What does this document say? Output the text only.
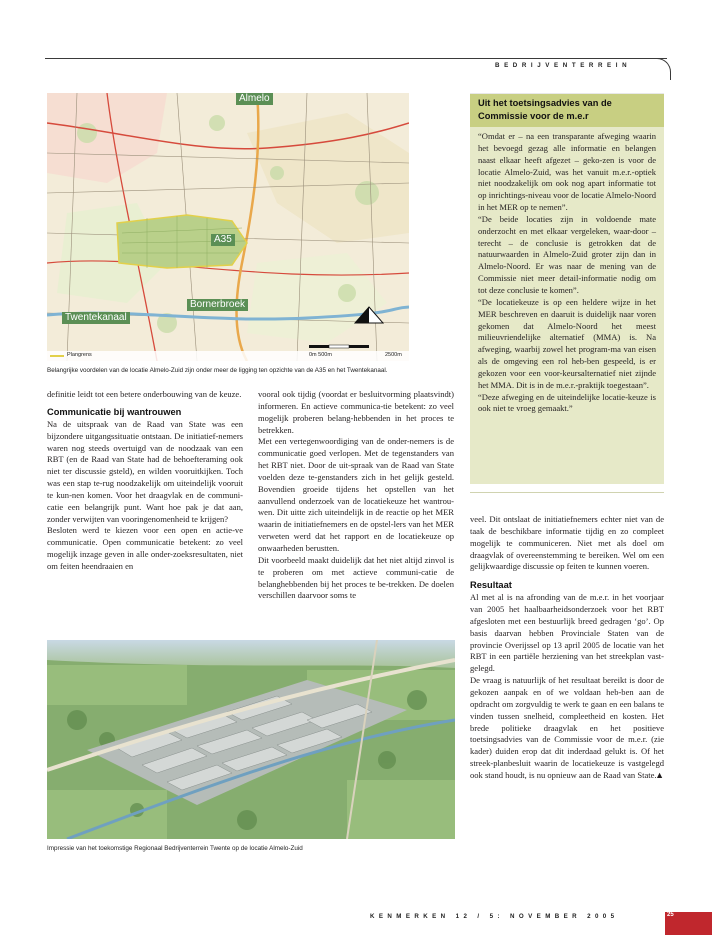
BEDRIJVENTERREIN
Almelo
A35
Bornerbroek
Twentekanaal
Plangrens	0m 500m	2500m
Belangrijke voordelen van de locatie Almelo-Zuid zijn onder meer de ligging ten opzichte van de A35 en het Twentekanaal.

definitie leidt tot een betere onderbouwing van de keuze.

Communicatie bij wantrouwen

Na de uitspraak van de Raad van State was een bijzondere uitgangssituatie ontstaan. De initiatief-nemers waren nog steeds overtuigd van de noodzaak van een RBT (en de Raad van State had de behoefteraming ook niet ter discussie gsteld), en wilden vooruitkijken. Toch was een stap te-rug noodzakelijk om uiteindelijk vooruit te kun-nen komen. Voor het draagvlak en de communi-catie een belangrijk punt. Want hoe pak je dat aan, zonder verwijten van vooringenomenheid te krijgen?

Besloten werd te kiezen voor een open en actie-ve communicatie. Open communicatie betekent: zo veel mogelijk inzage geven in alle onder-zoeksresultaten, niet om feiten heendraaien en

vooral ook tijdig (voordat er besluitvorming plaatsvindt) informeren. En actieve communica-tie betekent: zo veel mogelijk proberen belang-hebbenden in het proces te betrekken.

Met een vertegenwoordiging van de onder-nemers is de communicatie goed verlopen. Met de tegenstanders van het RBT niet. Door de uit-spraak van de Raad van State voelden deze te-genstanders zich in het gelijk gesteld. Bovendien groeide tijdens het opstellen van het aanvullend onderzoek van de locatiekeuze het wantrou-wen. Dit uitte zich uiteindelijk in de reactie op het MER waarin de initiatiefnemers en de opstel-lers van het MER verweten werd dat het rapport en de locatiekeuze op onwaarheden berustten.

Dit voorbeeld maakt duidelijk dat het niet altijd zinvol is te proberen om met actieve communi-catie de belanghebbenden bij het proces te be-trekken. De doelen verschillen daarvoor soms te

Uit het toetsingsadvies van de Commissie voor de m.e.r

“Omdat er – na een transparante afweging waarin het bevoegd gezag alle informatie en belangen naast elkaar heeft afgezet – geko-zen is voor de locatie Almelo-Zuid, was het vanuit m.e.r.-optiek niet noodzakelijk om ook nog apart informatie tot op inrichtings-niveau voor de locatie Almelo-Noord in het MER op te nemen”.

“De beide locaties zijn in voldoende mate onderzocht en met elkaar vergeleken, waar-door – terecht – de conclusie is getrokken dat de natuurwaarden in Almelo-Zuid groter zijn dan in Almelo-Noord. Er was naar de mening van de Commissie niet meer detail-informatie nodig om tot deze conclusie te komen”.

“De locatiekeuze is op een heldere wijze in het MER beschreven en daaruit is duidelijk naar voren gekomen dat Almelo-Noord het meest milieuvriendelijke alternatief (MMA) is. Na afweging, waarbij zowel het program-ma van eisen als de omgeving een rol heb-ben gespeeld, is er gekozen voor een voor-keursalternatief niet zijnde het MMA. Dit is in de m.e.r.-praktijk toegestaan”.

“Deze afweging en de uiteindelijke locatie-keuze is ook niet te vroeg gemaakt.”

veel. Dit ontslaat de initiatiefnemers echter niet van de taak de beschikbare informatie tijdig en zo compleet mogelijk te communiceren. Niet met als doel om draagvlak of overeenstemming te bereiken. Wel om een gelijkwaardige discussie op feiten te kunnen voeren.

Resultaat

Al met al is na afronding van de m.e.r. in het voorjaar van 2005 het haalbaarheidsonderzoek voor het RBT afgesloten met een bestuurlijk breed gedragen ‘go’. Op basis daarvan hebben Provinciale Staten van de provincie Overijssel op 13 april 2005 de locatie van het RBT in een partiële herziening van het streekplan vast-gelegd.

De vraag is natuurlijk of het resultaat bereikt is door de gekozen aanpak en of we voldaan heb-ben aan de opdracht om zorgvuldig te werk te gaan en een balans te vinden tussen snelheid, compleetheid en kosten. Het brede politieke draagvlak en het positieve toetsingsadvies van de Commissie voor de m.e.r. (zie kader) duiden erop dat dit inderdaad gelukt is. Of het streek-planbesluit waarin de locatiekeuze is vastgelegd ook stand houdt, is nu opnieuw aan de Raad van State.

▲

Impressie van het toekomstige Regionaal Bedrijventerrein Twente op de locatie Almelo-Zuid
KENMERKEN 12 / 5: NOVEMBER 2005	25
